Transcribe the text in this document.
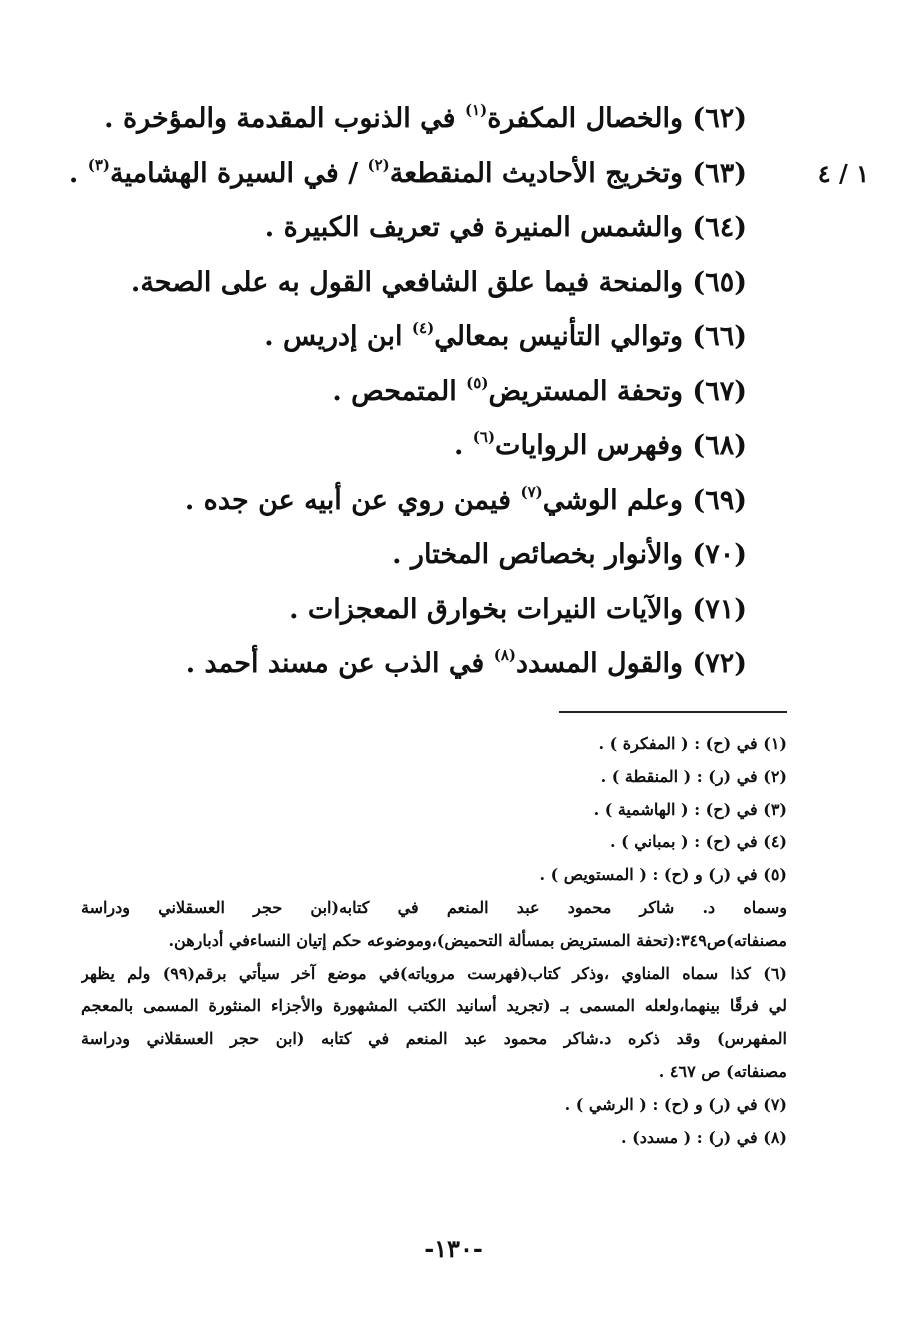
١ / ٤
(٦٢) والخصال المكفرة$^{(١)}$ في الذنوب المقدمة والمؤخرة .
(٦٣) وتخريج الأحاديث المنقطعة$^{(٢)}$ / في السيرة الهشامية$^{(٣)}$ .
(٦٤) والشمس المنيرة في تعريف الكبيرة .
(٦٥) والمنحة فيما علق الشافعي القول به على الصحة.
(٦٦) وتوالي التأنيس بمعالي$^{(٤)}$ ابن إدريس .
(٦٧) وتحفة المستريض$^{(٥)}$ المتمحص .
(٦٨) وفهرس الروايات$^{(٦)}$ .
(٦٩) وعلم الوشي$^{(٧)}$ فيمن روي عن أبيه عن جده .
(٧٠) والأنوار بخصائص المختار .
(٧١) والآيات النيرات بخوارق المعجزات .
(٧٢) والقول المسدد$^{(٨)}$ في الذب عن مسند أحمد .
(١) في (ح) : ( المفكرة ) .
(٢) في (ر) : ( المنقطة ) .
(٣) في (ح) : ( الهاشمية ) .
(٤) في (ح) : ( بمباني ) .
(٥) في (ر) و (ح) : ( المستويص ) .
وسماه د. شاكر محمود عبد المنعم في كتابه(ابن حجر العسقلاني ودراسة
مصنفاته)ص٣٤٩:(تحفة المستريض بمسألة التحميض)،وموضوعه حكم إتيان النساءفي أدبارهن.
(٦) كذا سماه المناوي ،وذكر كتاب(فهرست مروياته)في موضع آخر سيأتي برقم(٩٩) ولم يظهر
لي فرقًا بينهما،ولعله المسمى بـ (تجريد أسانيد الكتب المشهورة والأجزاء المنثورة المسمى بالمعجم
المفهرس) وقد ذكره د.شاكر محمود عبد المنعم في كتابه (ابن حجر العسقلاني ودراسة
مصنفاته) ص ٤٦٧ .
(٧) في (ر) و (ح) : ( الرشي ) .
(٨) في (ر) : ( مسدد) .
-١٣٠-
